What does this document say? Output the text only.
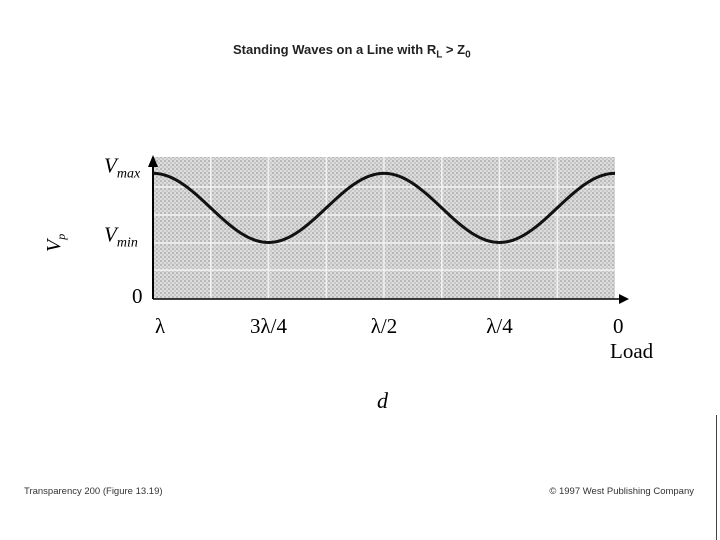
Standing Waves on a Line with $R_L > Z_0$
$V_{max}$
$V_{min}$
0
λ	3λ/4	λ/2	λ/4	0
Load
d
$V_p$
Transparency 200 (Figure 13.19)	© 1997 West Publishing Company
